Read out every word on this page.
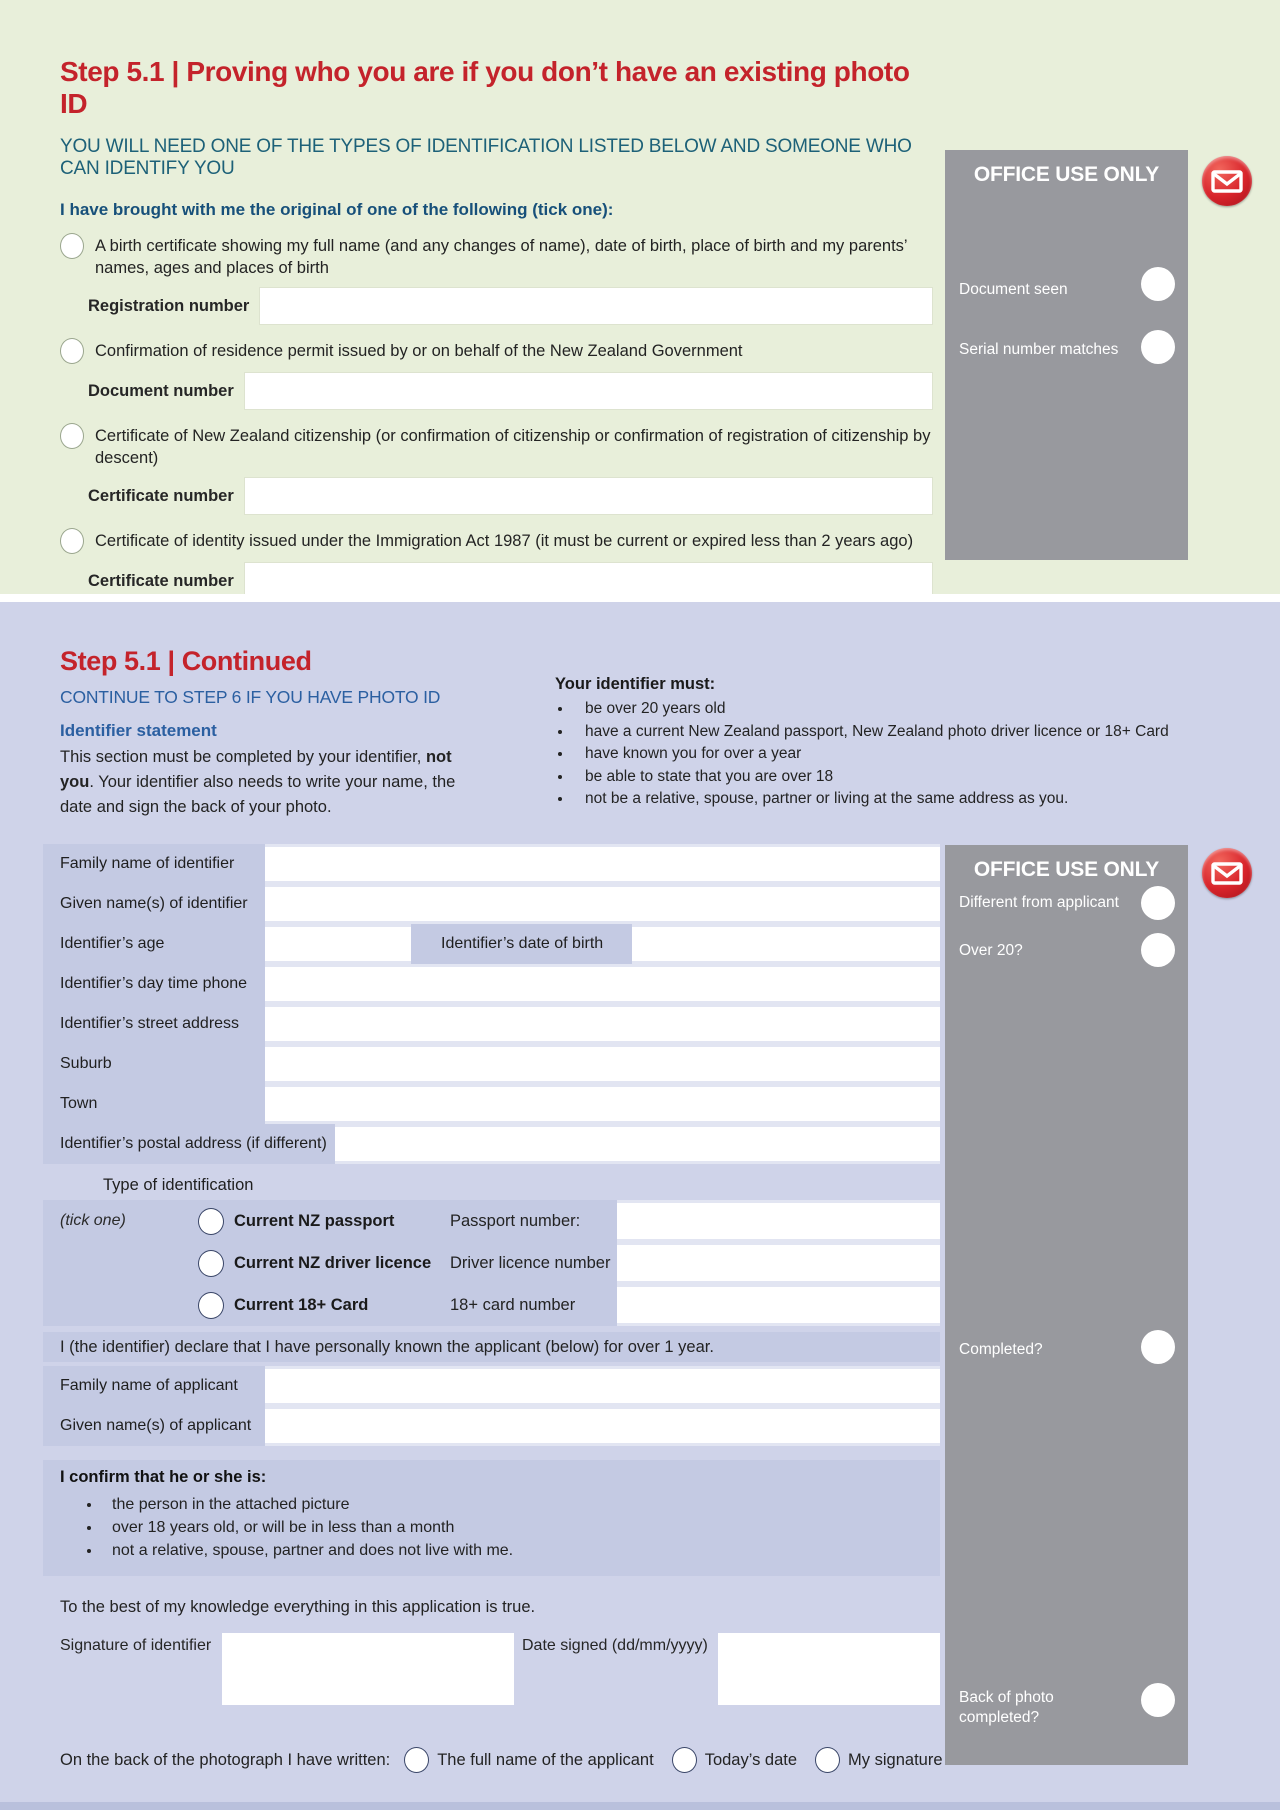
Step 5.1 | Proving who you are if you don’t have an existing photo ID
YOU WILL NEED ONE OF THE TYPES OF IDENTIFICATION LISTED BELOW AND SOMEONE WHO CAN IDENTIFY YOU
I have brought with me the original of one of the following (tick one):
A birth certificate showing my full name (and any changes of name), date of birth, place of birth and my parents’ names, ages and places of birth
Registration number
Confirmation of residence permit issued by or on behalf of the New Zealand Government
Document number
Certificate of New Zealand citizenship (or confirmation of citizenship or confirmation of registration of citizenship by descent)
Certificate number
Certificate of identity issued under the Immigration Act 1987 (it must be current or expired less than 2 years ago)
Certificate number
OFFICE USE ONLY
Document seen
Serial number matches
Step 5.1 | Continued
CONTINUE TO STEP 6 IF YOU HAVE PHOTO ID
Identifier statement
This section must be completed by your identifier, not you. Your identifier also needs to write your name, the date and sign the back of your photo.
Your identifier must:
• be over 20 years old
• have a current New Zealand passport, New Zealand photo driver licence or 18+ Card
• have known you for over a year
• be able to state that you are over 18
• not be a relative, spouse, partner or living at the same address as you.
Family name of identifier
Given name(s) of identifier
Identifier’s age	Identifier’s date of birth
Identifier’s day time phone
Identifier’s street address
Suburb
Town
Identifier’s postal address (if different)
Type of identification
(tick one)	Current NZ passport	Passport number:
Current NZ driver licence	Driver licence number
Current 18+ Card	18+ card number
I (the identifier) declare that I have personally known the applicant (below) for over 1 year.
Family name of applicant
Given name(s) of applicant
I confirm that he or she is:
• the person in the attached picture
• over 18 years old, or will be in less than a month
• not a relative, spouse, partner and does not live with me.
To the best of my knowledge everything in this application is true.
Signature of identifier	Date signed (dd/mm/yyyy)
On the back of the photograph I have written:	The full name of the applicant	Today’s date	My signature
OFFICE USE ONLY
Different from applicant
Over 20?
Completed?
Back of photo completed?
